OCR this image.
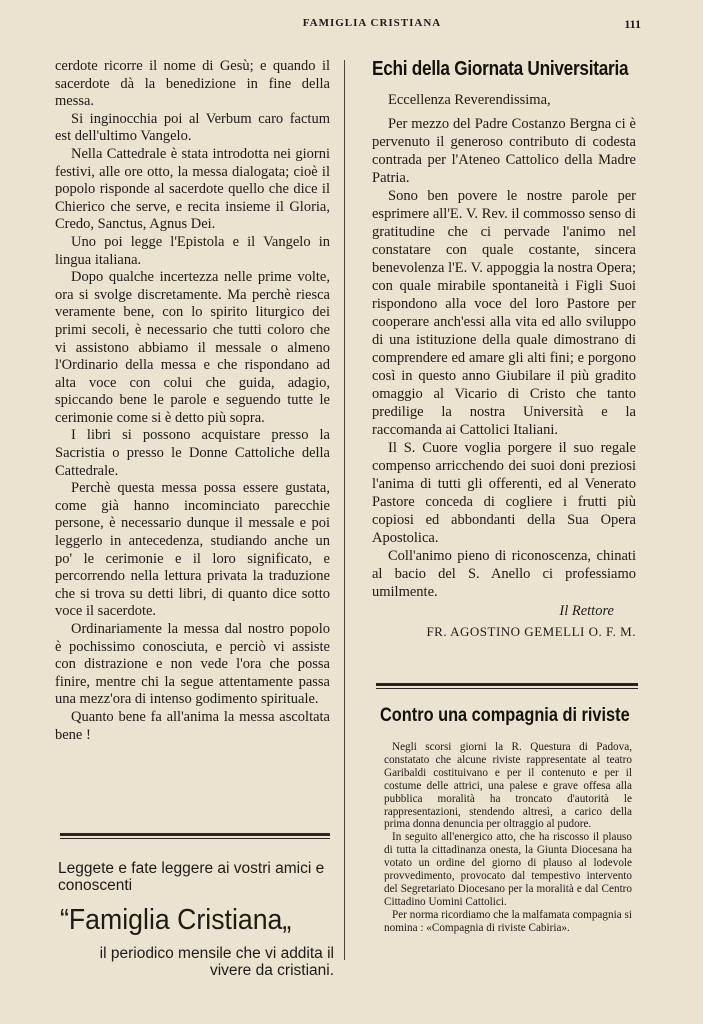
FAMIGLIA CRISTIANA	111

cerdote ricorre il nome di Gesù; e quando il sacerdote dà la benedizione in fine della messa.

Si inginocchia poi al Verbum caro factum est dell'ultimo Vangelo.

Nella Cattedrale è stata introdotta nei giorni festivi, alle ore otto, la messa dialogata; cioè il popolo risponde al sacerdote quello che dice il Chierico che serve, e recita insieme il Gloria, Credo, Sanctus, Agnus Dei.

Uno poi legge l'Epistola e il Vangelo in lingua italiana.

Dopo qualche incertezza nelle prime volte, ora si svolge discretamente. Ma perchè riesca veramente bene, con lo spirito liturgico dei primi secoli, è necessario che tutti coloro che vi assistono abbiamo il messale o almeno l'Ordinario della messa e che rispondano ad alta voce con colui che guida, adagio, spiccando bene le parole e seguendo tutte le cerimonie come si è detto più sopra.

I libri si possono acquistare presso la Sacristia o presso le Donne Cattoliche della Cattedrale.

Perchè questa messa possa essere gustata, come già hanno incominciato parecchie persone, è necessario dunque il messale e poi leggerlo in antecedenza, studiando anche un po' le cerimonie e il loro significato, e percorrendo nella lettura privata la traduzione che si trova su detti libri, di quanto dice sotto voce il sacerdote.

Ordinariamente la messa dal nostro popolo è pochissimo conosciuta, e perciò vi assiste con distrazione e non vede l'ora che possa finire, mentre chi la segue attentamente passa una mezz'ora di intenso godimento spirituale.

Quanto bene fa all'anima la messa ascoltata bene !

Leggete e fate leggere ai vostri amici e conoscenti
“Famiglia Cristiana„
il periodico mensile che vi addita il vivere da cristiani.
Echi della Giornata Universitaria

Eccellenza Reverendissima,

Per mezzo del Padre Costanzo Bergna ci è pervenuto il generoso contributo di codesta contrada per l'Ateneo Cattolico della Madre Patria.

Sono ben povere le nostre parole per esprimere all'E. V. Rev. il commosso senso di gratitudine che ci pervade l'animo nel constatare con quale costante, sincera benevolenza l'E. V. appoggia la nostra Opera; con quale mirabile spontaneità i Figli Suoi rispondono alla voce del loro Pastore per cooperare anch'essi alla vita ed allo sviluppo di una istituzione della quale dimostrano di comprendere ed amare gli alti fini; e porgono così in questo anno Giubilare il più gradito omaggio al Vicario di Cristo che tanto predilige la nostra Università e la raccomanda ai Cattolici Italiani.

Il S. Cuore voglia porgere il suo regale compenso arricchendo dei suoi doni preziosi l'anima di tutti gli offerenti, ed al Venerato Pastore conceda di cogliere i frutti più copiosi ed abbondanti della Sua Opera Apostolica.

Coll'animo pieno di riconoscenza, chinati al bacio del S. Anello ci professiamo umilmente.

Il Rettore
FR. AGOSTINO GEMELLI O. F. M.
Contro una compagnia di riviste

Negli scorsi giorni la R. Questura di Padova, constatato che alcune riviste rappresentate al teatro Garibaldi costituivano e per il contenuto e per il costume delle attrici, una palese e grave offesa alla pubblica moralità ha troncato d'autorità le rappresentazioni, stendendo altresì, a carico della prima donna denuncia per oltraggio al pudore.

In seguito all'energico atto, che ha riscosso il plauso di tutta la cittadinanza onesta, la Giunta Diocesana ha votato un ordine del giorno di plauso al lodevole provvedimento, provocato dal tempestivo intervento del Segretariato Diocesano per la moralità e dal Centro Cittadino Uomini Cattolici.

Per norma ricordiamo che la malfamata compagnia si nomina : «Compagnia di riviste Cabiria».
